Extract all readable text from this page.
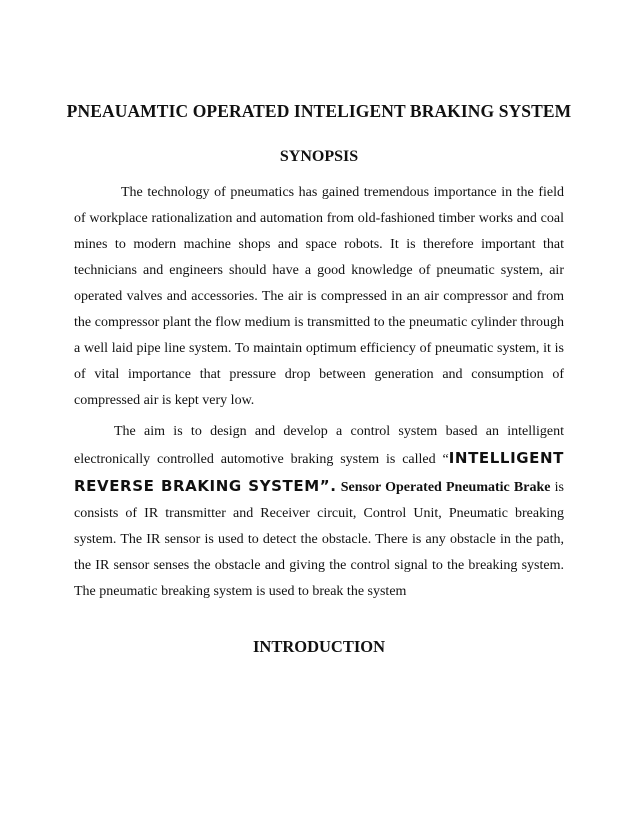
PNEAUAMTIC OPERATED INTELIGENT BRAKING SYSTEM
SYNOPSIS

The technology of pneumatics has gained tremendous importance in the field of workplace rationalization and automation from old-fashioned timber works and coal mines to modern machine shops and space robots. It is therefore important that technicians and engineers should have a good knowledge of pneumatic system, air operated valves and accessories. The air is compressed in an air compressor and from the compressor plant the flow medium is transmitted to the pneumatic cylinder through a well laid pipe line system. To maintain optimum efficiency of pneumatic system, it is of vital importance that pressure drop between generation and consumption of compressed air is kept very low.

The aim is to design and develop a control system based an intelligent electronically controlled automotive braking system is called “INTELLIGENT REVERSE BRAKING SYSTEM”. Sensor Operated Pneumatic Brake is consists of IR transmitter and Receiver circuit, Control Unit, Pneumatic breaking system. The IR sensor is used to detect the obstacle. There is any obstacle in the path, the IR sensor senses the obstacle and giving the control signal to the breaking system. The pneumatic breaking system is used to break the system

INTRODUCTION
